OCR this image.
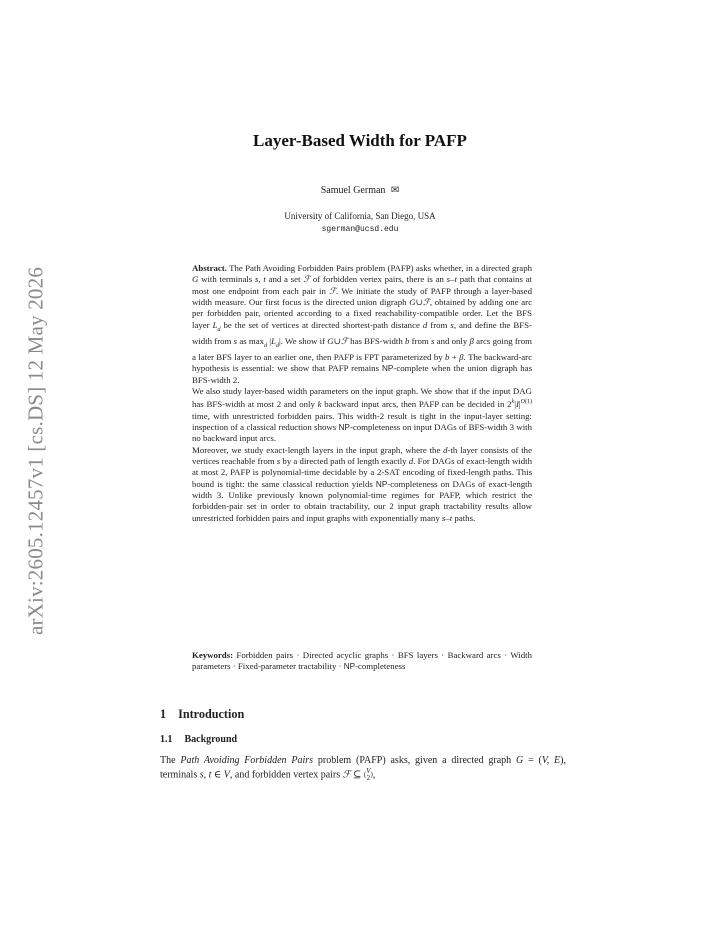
arXiv:2605.12457v1 [cs.DS] 12 May 2026
Layer-Based Width for PAFP
Samuel German ✉
University of California, San Diego, USA
sgerman@ucsd.edu

Abstract. The Path Avoiding Forbidden Pairs problem (PAFP) asks whether, in a directed graph G with terminals s, t and a set ℱ of forbidden vertex pairs, there is an s–t path that contains at most one endpoint from each pair in ℱ. We initiate the study of PAFP through a layer-based width measure. Our first focus is the directed union digraph G∪ℱ, obtained by adding one arc per forbidden pair, oriented according to a fixed reachability-compatible order. Let the BFS layer $L_d$ be the set of vertices at directed shortest-path distance d from s, and define the BFS-width from s as $\max_d |L_d|$. We show if G∪ℱ has BFS-width b from s and only β arcs going from a later BFS layer to an earlier one, then PAFP is FPT parameterized by b + β. The backward-arc hypothesis is essential: we show that PAFP remains NP-complete when the union digraph has BFS-width 2.

We also study layer-based width parameters on the input graph. We show that if the input DAG has BFS-width at most 2 and only k backward input arcs, then PAFP can be decided in $2^k|I|^{O(1)}$ time, with unrestricted forbidden pairs. This width-2 result is tight in the input-layer setting: inspection of a classical reduction shows NP-completeness on input DAGs of BFS-width 3 with no backward input arcs.

Moreover, we study exact-length layers in the input graph, where the d-th layer consists of the vertices reachable from s by a directed path of length exactly d. For DAGs of exact-length width at most 2, PAFP is polynomial-time decidable by a 2-SAT encoding of fixed-length paths. This bound is tight: the same classical reduction yields NP-completeness on DAGs of exact-length width 3. Unlike previously known polynomial-time regimes for PAFP, which restrict the forbidden-pair set in order to obtain tractability, our 2 input graph tractability results allow unrestricted forbidden pairs and input graphs with exponentially many s–t paths.

Keywords: Forbidden pairs · Directed acyclic graphs · BFS layers · Backward arcs · Width parameters · Fixed-parameter tractability · NP-completeness

1 Introduction
1.1 Background

The Path Avoiding Forbidden Pairs problem (PAFP) asks, given a directed graph G = (V, E), terminals s, t ∈ V, and forbidden vertex pairs ℱ ⊆ (V
2),
